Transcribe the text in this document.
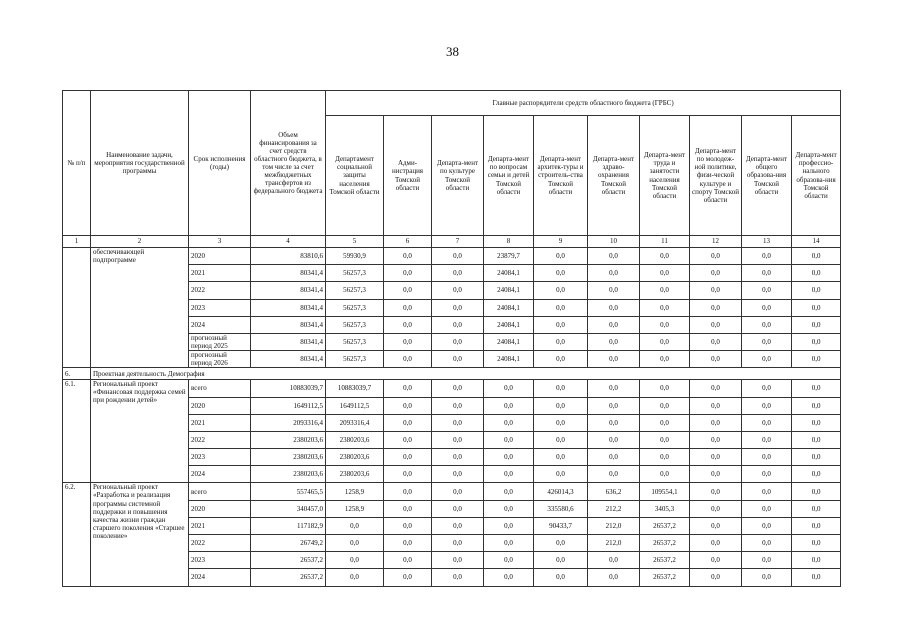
38
№ п/п	Наименование задачи, мероприятия государственной программы	Срок исполнения (годы)	Объем финансирования за счет средств областного бюджета, в том числе за счет межбюджетных трансфертов из федерального бюджета	Главные распорядители средств областного бюджета (ГРБС)									
				Департамент социальной защиты населения Томской области	Адми-нистрация Томской области	Департа-мент по культуре Томской области	Департа-мент по вопросам семьи и детей Томской области	Департа-мент архитек-туры и строитель-ства Томской области	Департа-мент здраво-охранения Томской области	Департа-мент труда и занятости населения Томской области	Департа-мент по молодеж-ной политике, физи-ческой культуре и спорту Томской области	Департа-мент общего образова-ния Томской области	Департа-мент профессио-нального образова-ния Томской области
1	2	3	4	5	6	7	8	9	10	11	12	13	14
	обеспечивающей подпрограмме	2020	83810,6	59930,9	0,0	0,0	23879,7	0,0	0,0	0,0	0,0	0,0	0,0
		2021	80341,4	56257,3	0,0	0,0	24084,1	0,0	0,0	0,0	0,0	0,0	0,0
		2022	80341,4	56257,3	0,0	0,0	24084,1	0,0	0,0	0,0	0,0	0,0	0,0
		2023	80341,4	56257,3	0,0	0,0	24084,1	0,0	0,0	0,0	0,0	0,0	0,0
		2024	80341,4	56257,3	0,0	0,0	24084,1	0,0	0,0	0,0	0,0	0,0	0,0
		прогнозный период 2025	80341,4	56257,3	0,0	0,0	24084,1	0,0	0,0	0,0	0,0	0,0	0,0
		прогнозный период 2026	80341,4	56257,3	0,0	0,0	24084,1	0,0	0,0	0,0	0,0	0,0	0,0
6.	Проектная деятельность Демография												
6.1.	Региональный проект «Финансовая поддержка семей при рождении детей»	всего	10883039,7	10883039,7	0,0	0,0	0,0	0,0	0,0	0,0	0,0	0,0	0,0
		2020	1649112,5	1649112,5	0,0	0,0	0,0	0,0	0,0	0,0	0,0	0,0	0,0
		2021	2093316,4	2093316,4	0,0	0,0	0,0	0,0	0,0	0,0	0,0	0,0	0,0
		2022	2380203,6	2380203,6	0,0	0,0	0,0	0,0	0,0	0,0	0,0	0,0	0,0
		2023	2380203,6	2380203,6	0,0	0,0	0,0	0,0	0,0	0,0	0,0	0,0	0,0
		2024	2380203,6	2380203,6	0,0	0,0	0,0	0,0	0,0	0,0	0,0	0,0	0,0
6.2.	Региональный проект «Разработка и реализация программы системной поддержки и повышения качества жизни граждан старшего поколения «Старшее поколение»	всего	557465,5	1258,9	0,0	0,0	0,0	426014,3	636,2	109554,1	0,0	0,0	0,0
		2020	340457,0	1258,9	0,0	0,0	0,0	335580,6	212,2	3405,3	0,0	0,0	0,0
		2021	117182,9	0,0	0,0	0,0	0,0	90433,7	212,0	26537,2	0,0	0,0	0,0
		2022	26749,2	0,0	0,0	0,0	0,0	0,0	212,0	26537,2	0,0	0,0	0,0
		2023	26537,2	0,0	0,0	0,0	0,0	0,0	0,0	26537,2	0,0	0,0	0,0
		2024	26537,2	0,0	0,0	0,0	0,0	0,0	0,0	26537,2	0,0	0,0	0,0
